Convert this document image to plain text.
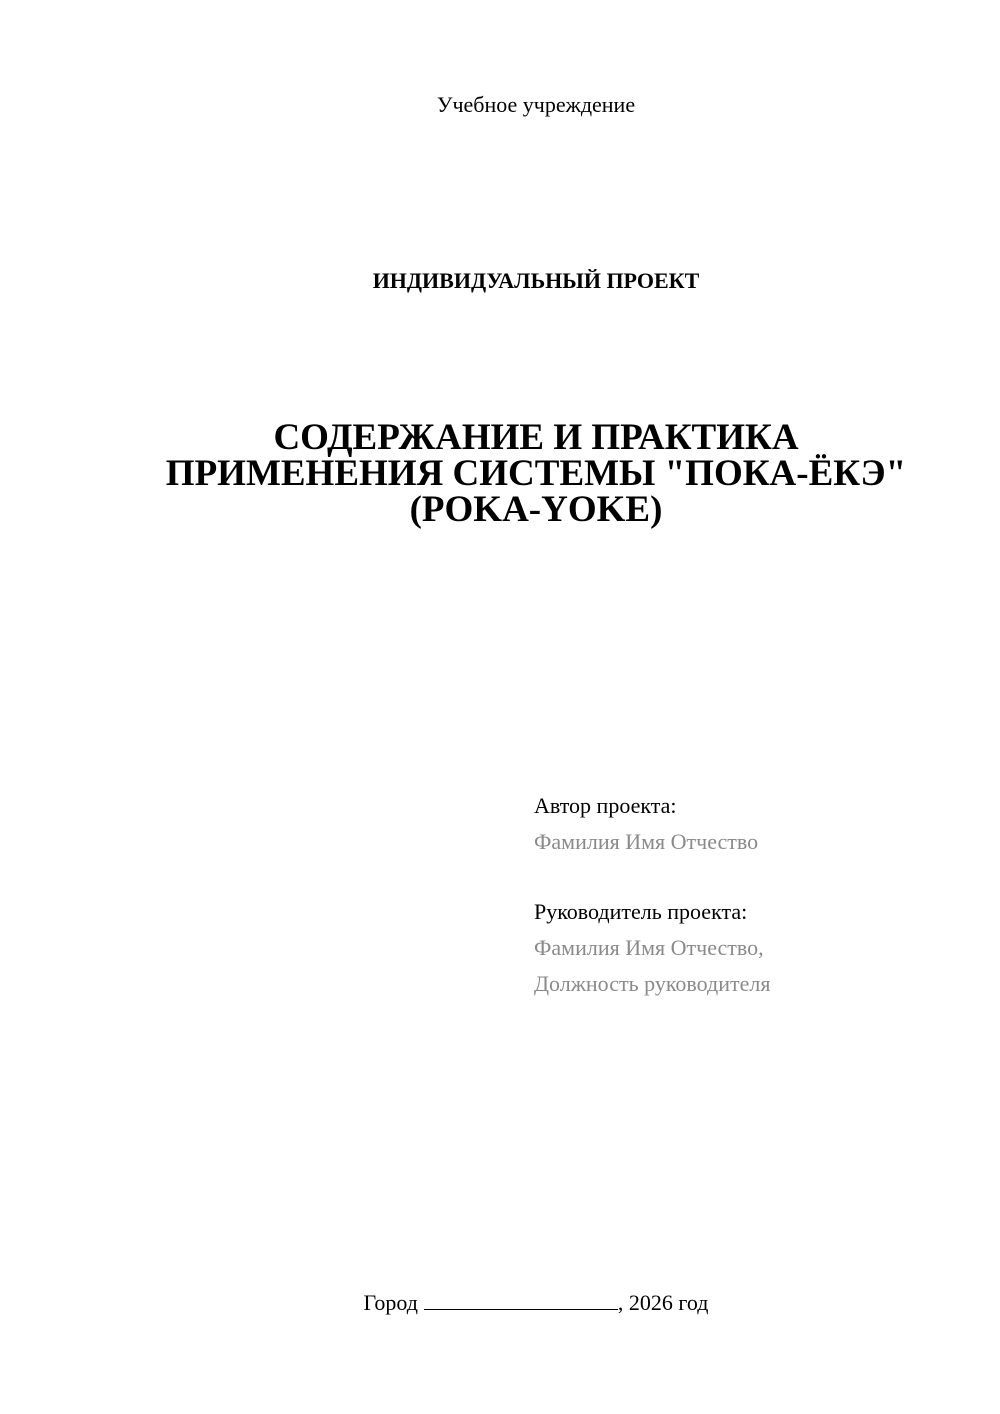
Учебное учреждение
ИНДИВИДУАЛЬНЫЙ ПРОЕКТ
СОДЕРЖАНИЕ И ПРАКТИКА
ПРИМЕНЕНИЯ СИСТЕМЫ "ПОКА-ЁКЭ"
(POKA-YOKE)
Автор проекта:
Фамилия Имя Отчество
Руководитель проекта:
Фамилия Имя Отчество,
Должность руководителя
Город	, 2026 год
